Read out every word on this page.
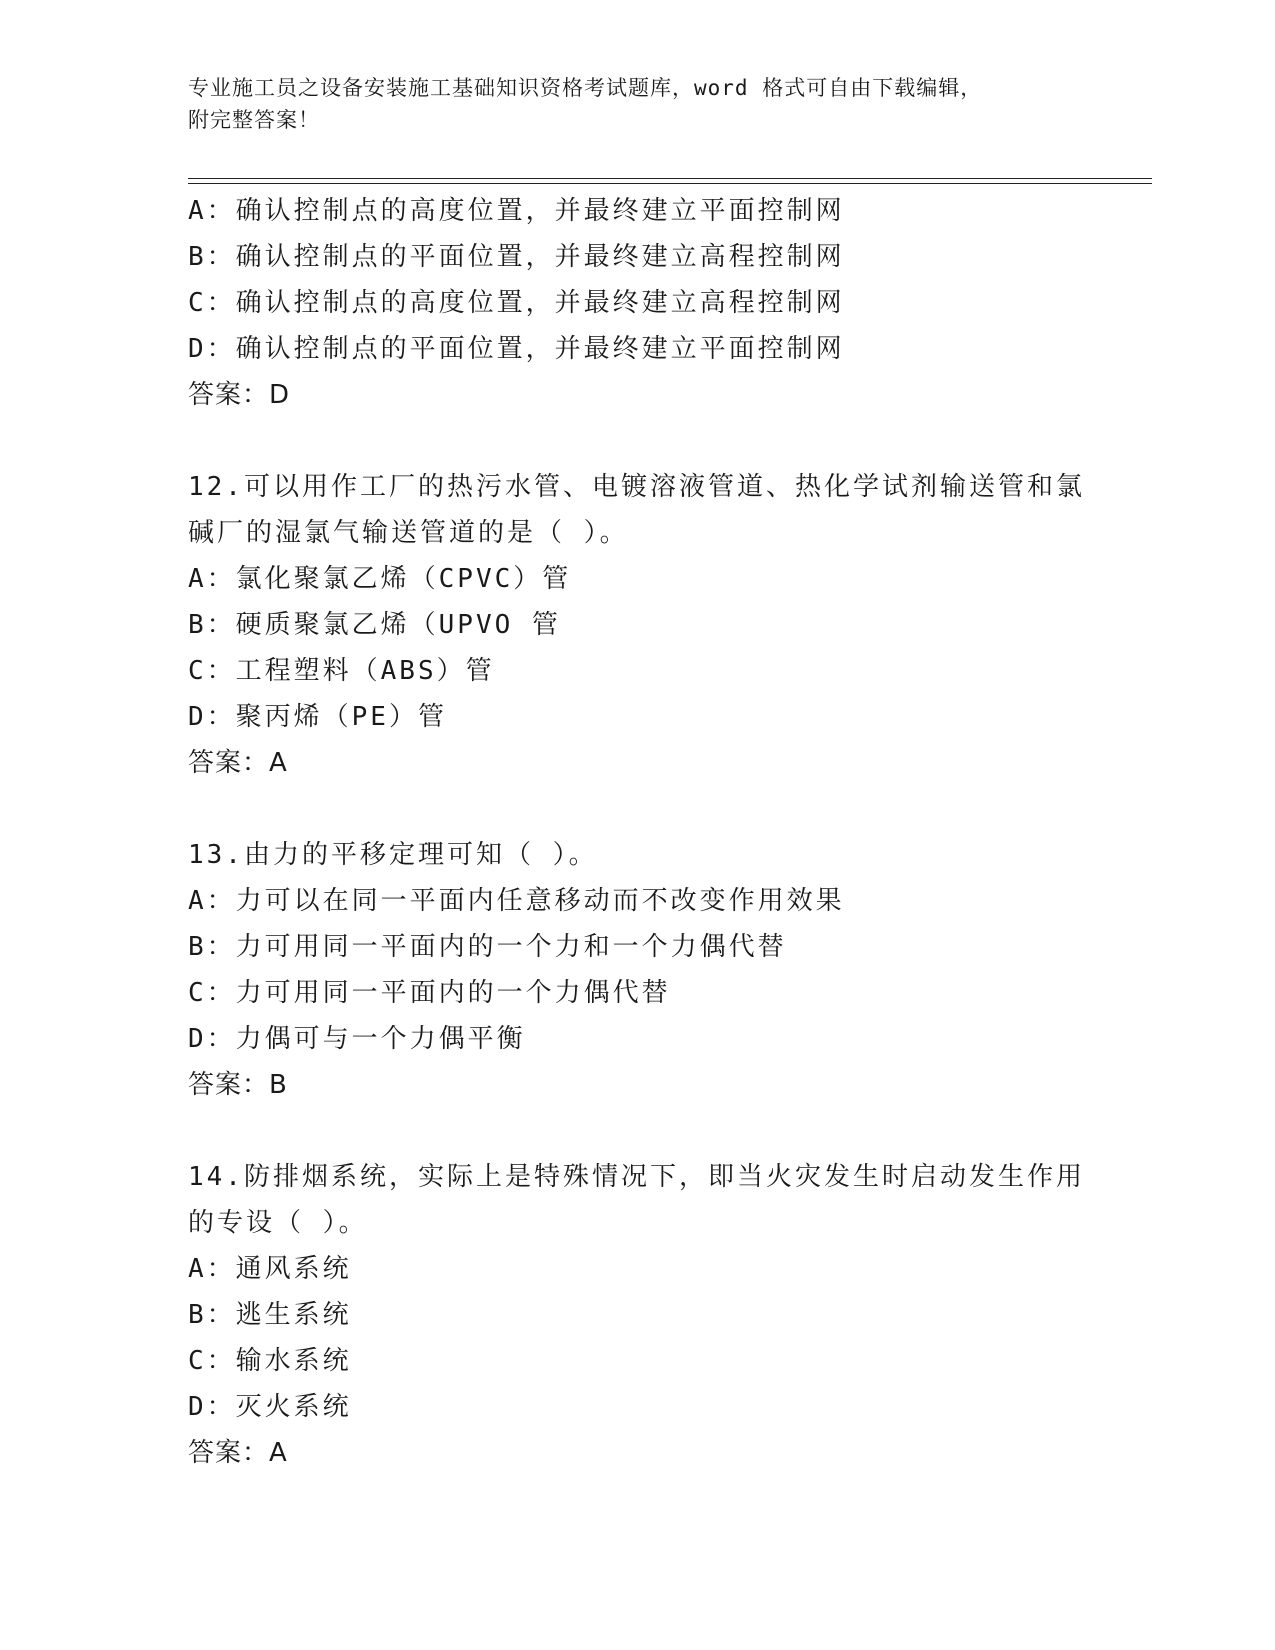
专业施工员之设备安装施工基础知识资格考试题库，word 格式可自由下载编辑，
附完整答案！
A：确认控制点的高度位置，并最终建立平面控制网
B：确认控制点的平面位置，并最终建立高程控制网
C：确认控制点的高度位置，并最终建立高程控制网
D：确认控制点的平面位置，并最终建立平面控制网
答案：D
12.可以用作工厂的热污水管、电镀溶液管道、热化学试剂输送管和氯
碱厂的湿氯气输送管道的是（ ）。
A：氯化聚氯乙烯（CPVC）管
B：硬质聚氯乙烯（UPVO 管
C：工程塑料（ABS）管
D：聚丙烯（PE）管
答案：A
13.由力的平移定理可知（ ）。
A：力可以在同一平面内任意移动而不改变作用效果
B：力可用同一平面内的一个力和一个力偶代替
C：力可用同一平面内的一个力偶代替
D：力偶可与一个力偶平衡
答案：B
14.防排烟系统，实际上是特殊情况下，即当火灾发生时启动发生作用
的专设（ ）。
A：通风系统
B：逃生系统
C：输水系统
D：灭火系统
答案：A
